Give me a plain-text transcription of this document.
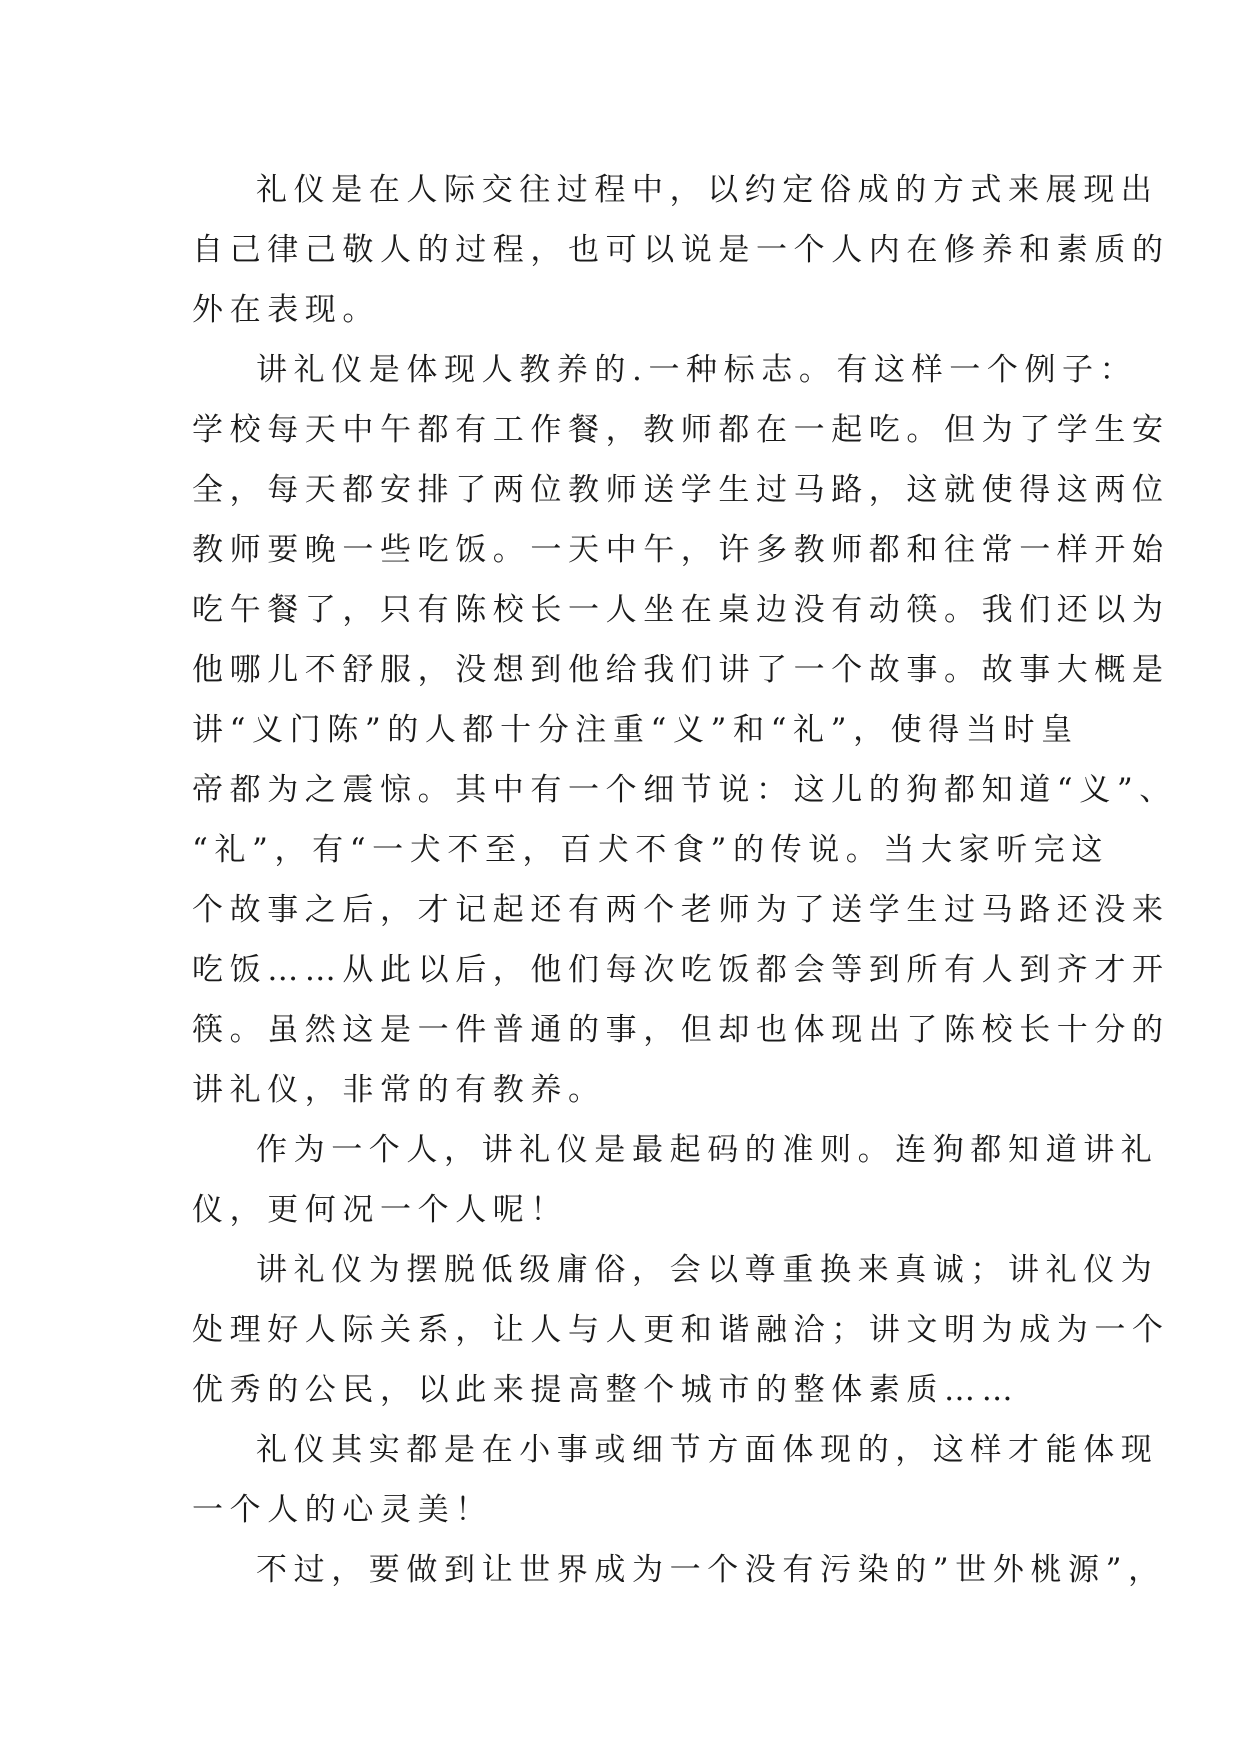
礼仪是在人际交往过程中，以约定俗成的方式来展现出
自己律己敬人的过程，也可以说是一个人内在修养和素质的
外在表现。
讲礼仪是体现人教养的.一种标志。有这样一个例子：
学校每天中午都有工作餐，教师都在一起吃。但为了学生安
全，每天都安排了两位教师送学生过马路，这就使得这两位
教师要晚一些吃饭。一天中午，许多教师都和往常一样开始
吃午餐了，只有陈校长一人坐在桌边没有动筷。我们还以为
他哪儿不舒服，没想到他给我们讲了一个故事。故事大概是
讲“义门陈”的人都十分注重“义”和“礼”，使得当时皇
帝都为之震惊。其中有一个细节说：这儿的狗都知道“义”、
“礼”，有“一犬不至，百犬不食”的传说。当大家听完这
个故事之后，才记起还有两个老师为了送学生过马路还没来
吃饭……从此以后，他们每次吃饭都会等到所有人到齐才开
筷。虽然这是一件普通的事，但却也体现出了陈校长十分的
讲礼仪，非常的有教养。
作为一个人，讲礼仪是最起码的准则。连狗都知道讲礼
仪，更何况一个人呢！
讲礼仪为摆脱低级庸俗，会以尊重换来真诚；讲礼仪为
处理好人际关系，让人与人更和谐融洽；讲文明为成为一个
优秀的公民，以此来提高整个城市的整体素质……
礼仪其实都是在小事或细节方面体现的，这样才能体现
一个人的心灵美！
不过，要做到让世界成为一个没有污染的”世外桃源”，
